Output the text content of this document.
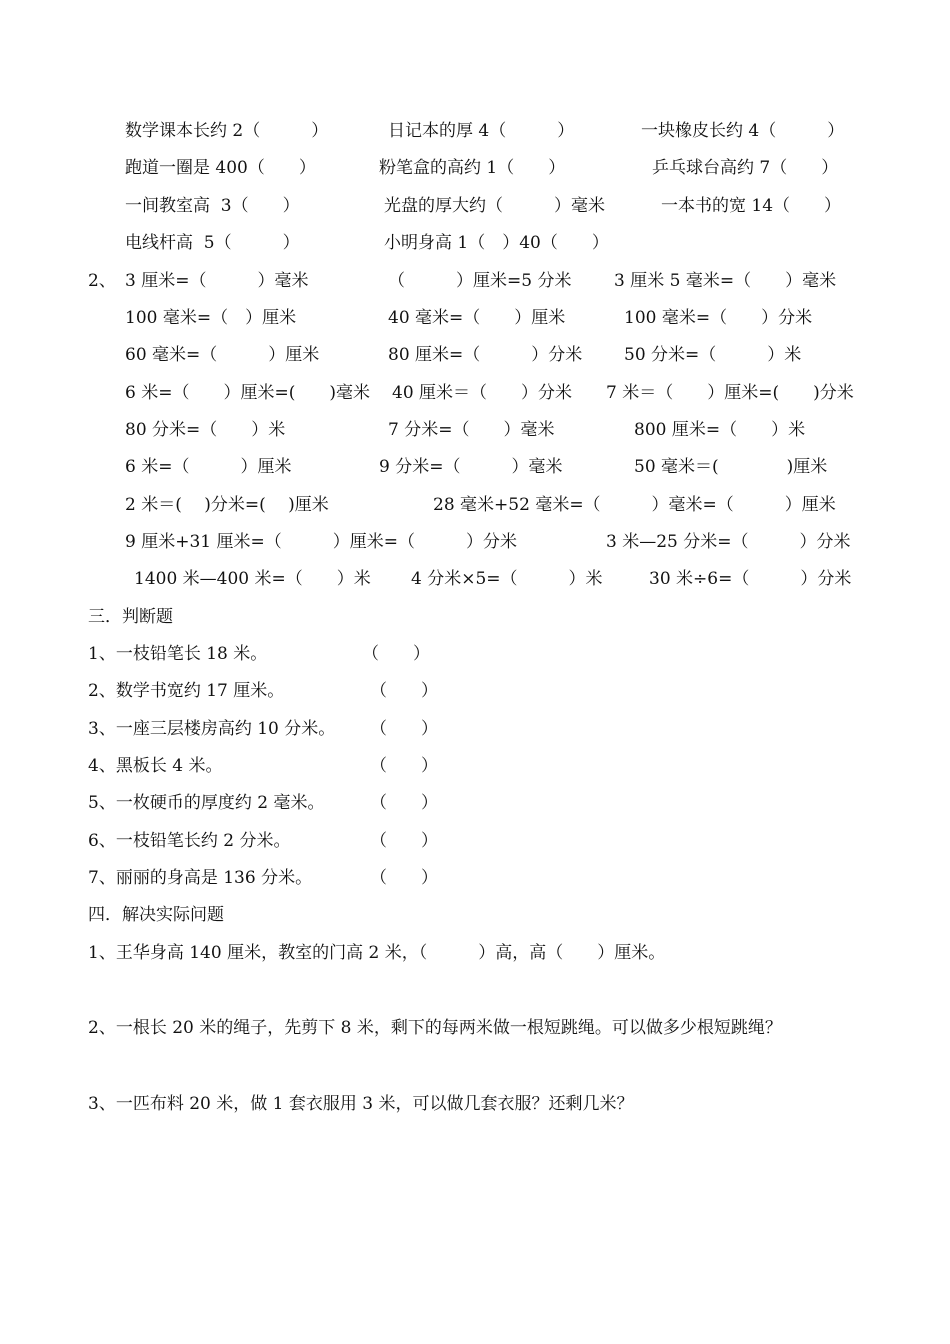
数学课本长约 2（　　　）	日记本的厚 4（　　　）	一块橡皮长约 4（　　　）
跑道一圈是 400（　　）	粉笔盒的高约 1（　　）	乒乓球台高约 7（　　）
一间教室高  3（　　）	光盘的厚大约（　　　）毫米	一本书的宽 14（　　）
电线杆高  5（　　　）	小明身高 1（　）40（　　）
2、 3 厘米=（　　　）毫米	（　　　）厘米=5 分米	3 厘米 5 毫米=（　　）毫米
100 毫米=（　）厘米	40 毫米=（　　）厘米	100 毫米=（　　）分米
60 毫米=（　　　）厘米	80 厘米=（　　　）分米 50 分米=（　　　）米
6 米=（　　）厘米=(　　)毫米 40 厘米＝（　　）分米 7 米＝（　　）厘米=(　　)分米
80 分米=（　　）米	7 分米=（　　）毫米	800 厘米=（　　）米
6 米=（　　　）厘米	9 分米=（　　　）毫米	50 毫米＝(　　　　)厘米
2 米＝(　 )分米=(　 )厘米	28 毫米+52 毫米=（　　　）毫米=（　　　）厘米
9 厘米+31 厘米=（　　　）厘米=（　　　）分米	3 米—25 分米=（　　　）分米
1400 米—400 米=（　　）米 4 分米×5=（　　　）米	30 米÷6=（　　　）分米
三．判断题
1、一枝铅笔长 18 米。	（　　）
2、数学书宽约 17 厘米。	（　　）
3、一座三层楼房高约 10 分米。 （　　）
4、黑板长 4 米。	（　　）
5、一枚硬币的厚度约 2 毫米。	（　　）
6、一枝铅笔长约 2 分米。	（　　）
7、丽丽的身高是 136 分米。	（　　）
四．解决实际问题
1、王华身高 140 厘米，教室的门高 2 米，（　　　）高，高（　　）厘米。
2、一根长 20 米的绳子，先剪下 8 米，剩下的每两米做一根短跳绳。可以做多少根短跳绳？
3、一匹布料 20 米，做 1 套衣服用 3 米，可以做几套衣服？还剩几米？
